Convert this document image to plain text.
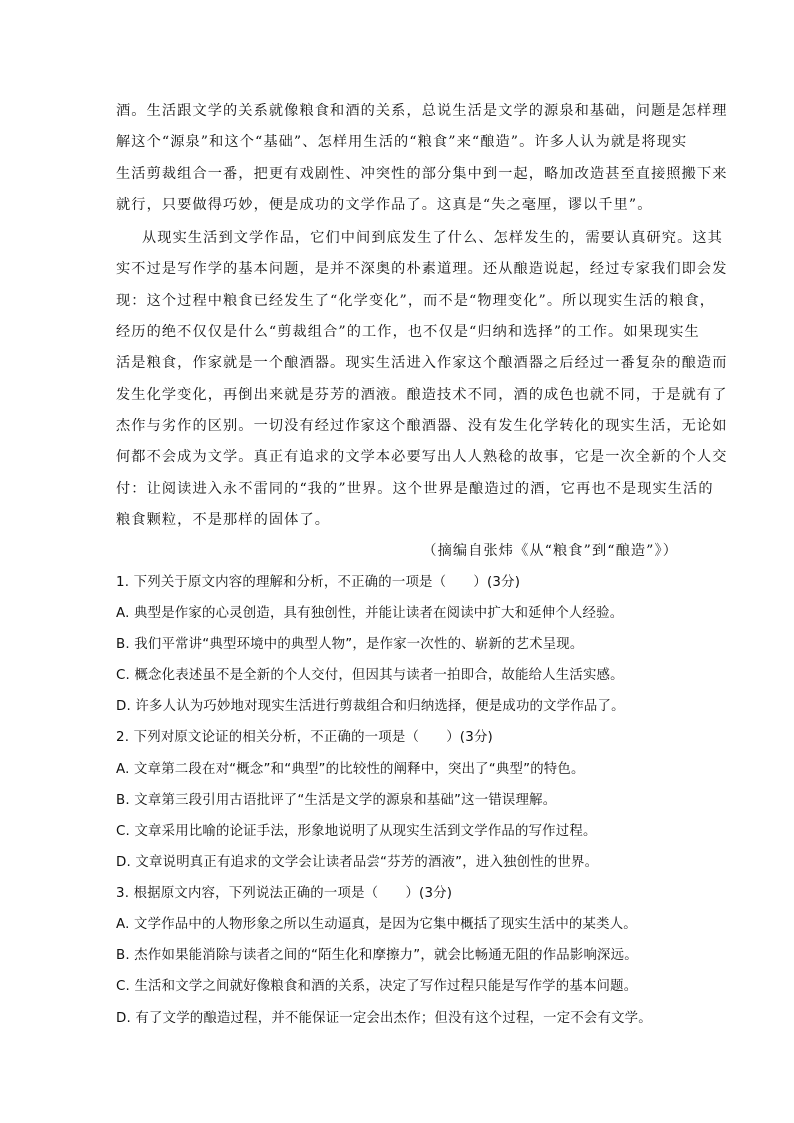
酒。生活跟文学的关系就像粮食和酒的关系，总说生活是文学的源泉和基础，问题是怎样理
解这个“源泉”和这个“基础”、怎样用生活的“粮食”来“酿造”。许多人认为就是将现实
生活剪裁组合一番，把更有戏剧性、冲突性的部分集中到一起，略加改造甚至直接照搬下来
就行，只要做得巧妙，便是成功的文学作品了。这真是“失之毫厘，谬以千里”。
从现实生活到文学作品，它们中间到底发生了什么、怎样发生的，需要认真研究。这其
实不过是写作学的基本问题，是并不深奥的朴素道理。还从酿造说起，经过专家我们即会发
现：这个过程中粮食已经发生了“化学变化”，而不是“物理变化”。所以现实生活的粮食，
经历的绝不仅仅是什么“剪裁组合”的工作，也不仅是“归纳和选择”的工作。如果现实生
活是粮食，作家就是一个酿酒器。现实生活进入作家这个酿酒器之后经过一番复杂的酿造而
发生化学变化，再倒出来就是芬芳的酒液。酿造技术不同，酒的成色也就不同，于是就有了
杰作与劣作的区别。一切没有经过作家这个酿酒器、没有发生化学转化的现实生活，无论如
何都不会成为文学。真正有追求的文学本必要写出人人熟稔的故事，它是一次全新的个人交
付：让阅读进入永不雷同的“我的”世界。这个世界是酿造过的酒，它再也不是现实生活的
粮食颗粒，不是那样的固体了。
（摘编自张炜《从“粮食”到“酿造”》）
1. 下列关于原文内容的理解和分析，不正确的一项是（　　）(3分)
A. 典型是作家的心灵创造，具有独创性，并能让读者在阅读中扩大和延伸个人经验。
B. 我们平常讲“典型环境中的典型人物”，是作家一次性的、崭新的艺术呈现。
C. 概念化表述虽不是全新的个人交付，但因其与读者一拍即合，故能给人生活实感。
D. 许多人认为巧妙地对现实生活进行剪裁组合和归纳选择，便是成功的文学作品了。
2. 下列对原文论证的相关分析，不正确的一项是（　　）(3分)
A. 文章第二段在对“概念”和“典型”的比较性的阐释中，突出了“典型”的特色。
B. 文章第三段引用古语批评了“生活是文学的源泉和基础”这一错误理解。
C. 文章采用比喻的论证手法，形象地说明了从现实生活到文学作品的写作过程。
D. 文章说明真正有追求的文学会让读者品尝“芬芳的酒液”，进入独创性的世界。
3. 根据原文内容，下列说法正确的一项是（　　）(3分)
A. 文学作品中的人物形象之所以生动逼真，是因为它集中概括了现实生活中的某类人。
B. 杰作如果能消除与读者之间的“陌生化和摩擦力”，就会比畅通无阻的作品影响深远。
C. 生活和文学之间就好像粮食和酒的关系，决定了写作过程只能是写作学的基本问题。
D. 有了文学的酿造过程，并不能保证一定会出杰作；但没有这个过程，一定不会有文学。
